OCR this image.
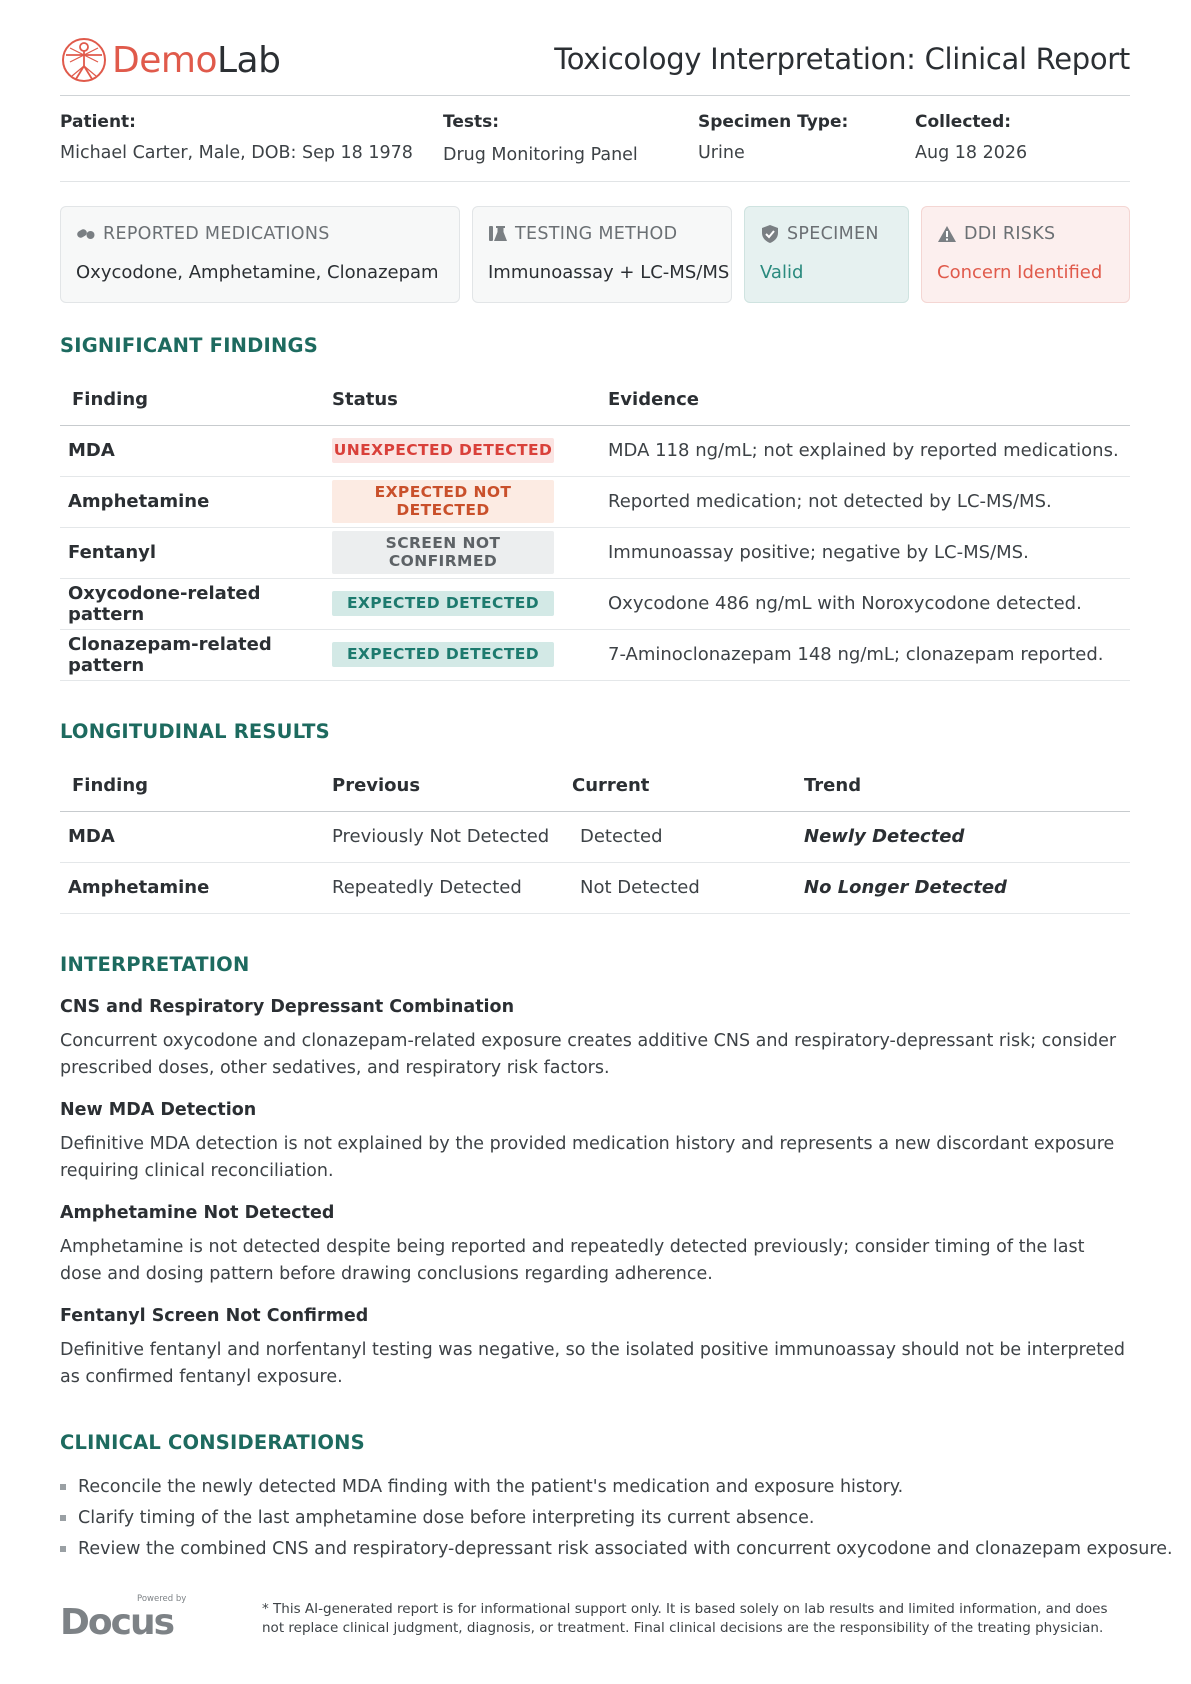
DemoLab	Toxicology Interpretation: Clinical Report
Patient:
Michael Carter, Male, DOB: Sep 18 1978
Tests:
Drug Monitoring Panel
Specimen Type:
Urine
Collected:
Aug 18 2026
REPORTED MEDICATIONS
Oxycodone, Amphetamine, Clonazepam
TESTING METHOD
Immunoassay + LC-MS/MS
SPECIMEN
Valid
DDI RISKS
Concern Identified
SIGNIFICANT FINDINGS
Finding	Status	Evidence
MDA	UNEXPECTED DETECTED	MDA 118 ng/mL; not explained by reported medications.
Amphetamine	EXPECTED NOT DETECTED	Reported medication; not detected by LC-MS/MS.
Fentanyl	SCREEN NOT CONFIRMED	Immunoassay positive; negative by LC-MS/MS.
Oxycodone-related pattern	EXPECTED DETECTED	Oxycodone 486 ng/mL with Noroxycodone detected.
Clonazepam-related pattern	EXPECTED DETECTED	7-Aminoclonazepam 148 ng/mL; clonazepam reported.
LONGITUDINAL RESULTS
Finding	Previous	Current	Trend
MDA	Previously Not Detected	Detected	Newly Detected
Amphetamine	Repeatedly Detected	Not Detected	No Longer Detected
INTERPRETATION
CNS and Respiratory Depressant Combination
Concurrent oxycodone and clonazepam-related exposure creates additive CNS and respiratory-depressant risk; consider prescribed doses, other sedatives, and respiratory risk factors.
New MDA Detection
Definitive MDA detection is not explained by the provided medication history and represents a new discordant exposure requiring clinical reconciliation.
Amphetamine Not Detected
Amphetamine is not detected despite being reported and repeatedly detected previously; consider timing of the last dose and dosing pattern before drawing conclusions regarding adherence.
Fentanyl Screen Not Confirmed
Definitive fentanyl and norfentanyl testing was negative, so the isolated positive immunoassay should not be interpreted as confirmed fentanyl exposure.
CLINICAL CONSIDERATIONS
Reconcile the newly detected MDA finding with the patient's medication and exposure history.
Clarify timing of the last amphetamine dose before interpreting its current absence.
Review the combined CNS and respiratory-depressant risk associated with concurrent oxycodone and clonazepam exposure.
Powered by
Docus	* This AI-generated report is for informational support only. It is based solely on lab results and limited information, and does not replace clinical judgment, diagnosis, or treatment. Final clinical decisions are the responsibility of the treating physician.
